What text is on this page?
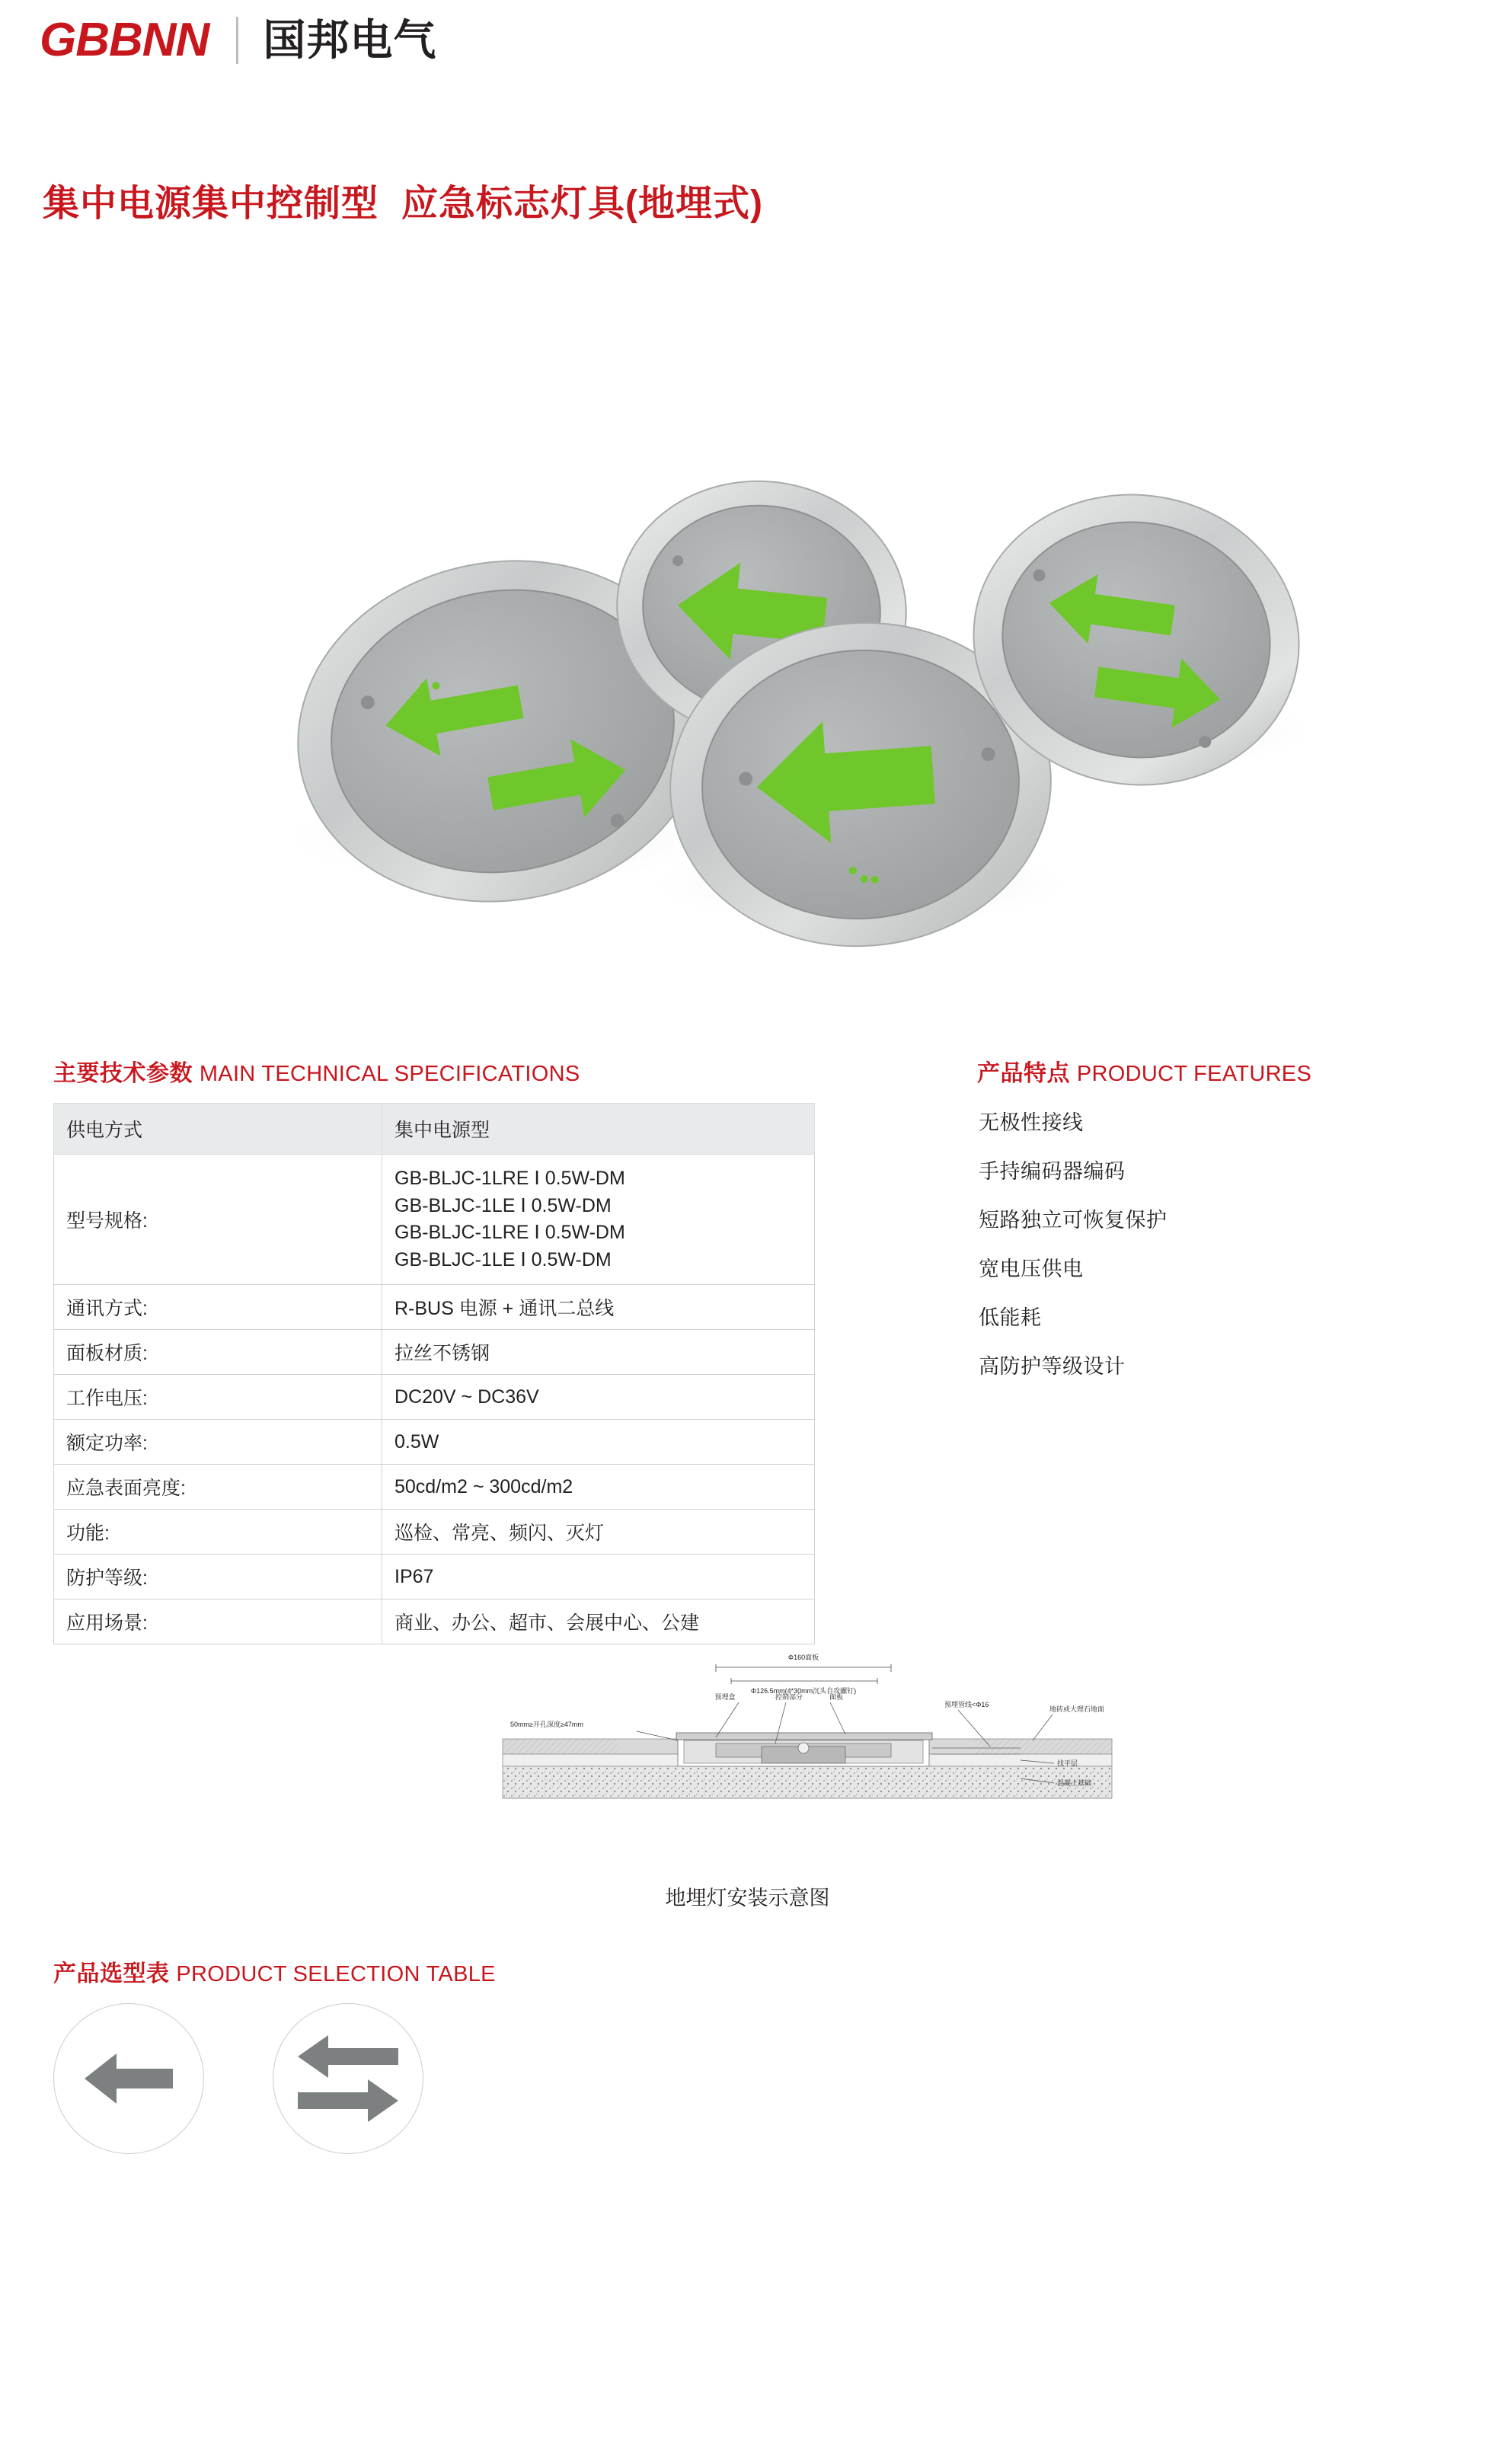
GBBNN 国邦电气
集中电源集中控制型 应急标志灯具(地埋式)
主要技术参数 MAIN TECHNICAL SPECIFICATIONS
供电方式	集中电源型
型号规格:	GB-BLJC-1LRE Ⅰ 0.5W-DM
GB-BLJC-1LE Ⅰ 0.5W-DM
GB-BLJC-1LRE Ⅰ 0.5W-DM
GB-BLJC-1LE Ⅰ 0.5W-DM
通讯方式:	R-BUS 电源 + 通讯二总线
面板材质:	拉丝不锈钢
工作电压:	DC20V ~ DC36V
额定功率:	0.5W
应急表面亮度:	50cd/m2 ~ 300cd/m2
功能:	巡检、常亮、频闪、灭灯
防护等级:	IP67
应用场景:	商业、办公、超市、会展中心、公建
产品特点 PRODUCT FEATURES
无极性接线
手持编码器编码
短路独立可恢复保护
宽电压供电
低能耗
高防护等级设计
Φ160面板
Φ126.5mm(4*30mm沉头自攻螺钉)
50mm≥开孔深度≥47mm
预埋盒	控制部分	面板
预埋管线<Φ16
地砖或大理石地面
找平层
混凝土基础
地埋灯安装示意图
产品选型表 PRODUCT SELECTION TABLE
